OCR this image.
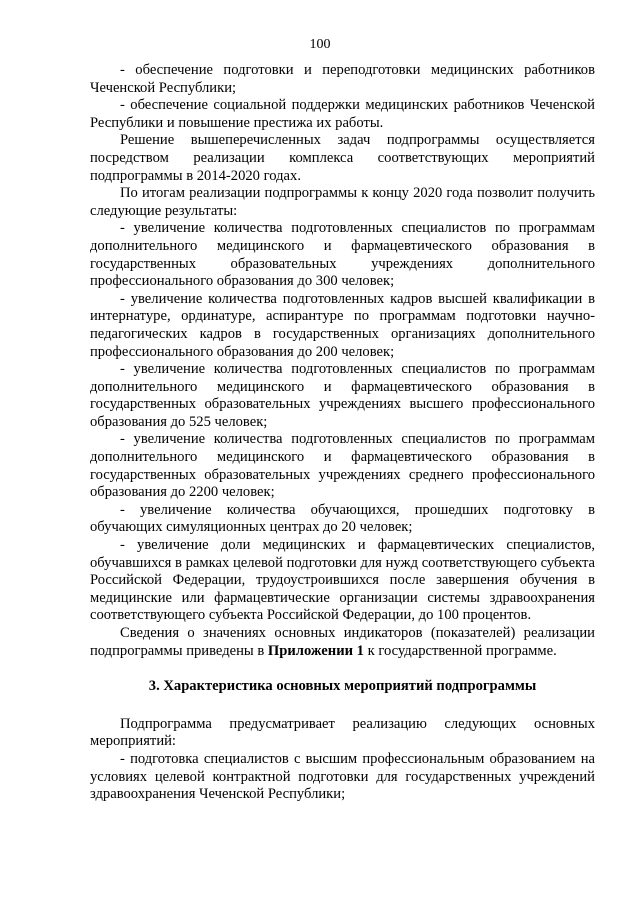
100

- обеспечение подготовки и переподготовки медицинских работников Чеченской Республики;

- обеспечение социальной поддержки медицинских работников Чеченской Республики и повышение престижа их работы.

Решение вышеперечисленных задач подпрограммы осуществляется посредством реализации комплекса соответствующих мероприятий подпрограммы в 2014-2020 годах.

По итогам реализации подпрограммы к концу 2020 года позволит получить следующие результаты:

- увеличение количества подготовленных специалистов по программам дополнительного медицинского и фармацевтического образования в государственных образовательных учреждениях дополнительного профессионального образования до 300 человек;

- увеличение количества подготовленных кадров высшей квалификации в интернатуре, ординатуре, аспирантуре по программам подготовки научно-педагогических кадров в государственных организациях дополнительного профессионального образования до 200 человек;

- увеличение количества подготовленных специалистов по программам дополнительного медицинского и фармацевтического образования в государственных образовательных учреждениях высшего профессионального образования до 525 человек;

- увеличение количества подготовленных специалистов по программам дополнительного медицинского и фармацевтического образования в государственных образовательных учреждениях среднего профессионального образования до 2200 человек;

- увеличение количества обучающихся, прошедших подготовку в обучающих симуляционных центрах до 20 человек;

- увеличение доли медицинских и фармацевтических специалистов, обучавшихся в рамках целевой подготовки для нужд соответствующего субъекта Российской Федерации, трудоустроившихся после завершения обучения в медицинские или фармацевтические организации системы здравоохранения соответствующего субъекта Российской Федерации, до 100 процентов.

Сведения о значениях основных индикаторов (показателей) реализации подпрограммы приведены в Приложении 1 к государственной программе.

3. Характеристика основных мероприятий подпрограммы

Подпрограмма предусматривает реализацию следующих основных мероприятий:

- подготовка специалистов с высшим профессиональным образованием на условиях целевой контрактной подготовки для государственных учреждений здравоохранения Чеченской Республики;
